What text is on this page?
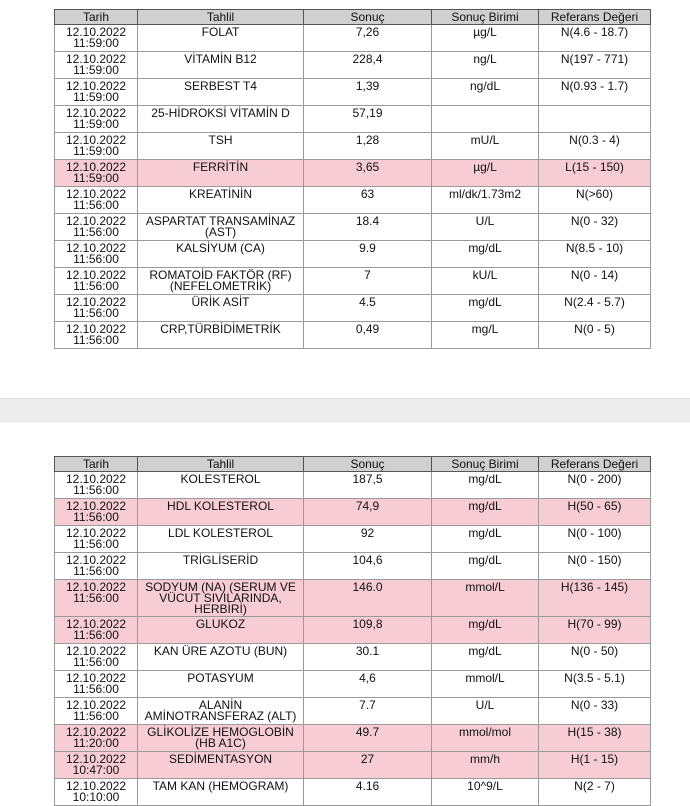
Tarih	Tahlil	Sonuç	Sonuç Birimi	Referans Değeri

12.10.2022
11:59:00	FOLAT	7,26	µg/L	N(4.6 - 18.7)

12.10.2022
11:59:00	VİTAMİN B12	228,4	ng/L	N(197 - 771)

12.10.2022
11:59:00	SERBEST T4	1,39	ng/dL	N(0.93 - 1.7)

12.10.2022
11:59:00	25-HİDROKSİ VİTAMİN D	57,19		

12.10.2022
11:59:00	TSH	1,28	mU/L	N(0.3 - 4)

12.10.2022
11:59:00	FERRİTİN	3,65	µg/L	L(15 - 150)

12.10.2022
11:56:00	KREATİNİN	63	ml/dk/1.73m2	N(>60)

12.10.2022
11:56:00	ASPARTAT TRANSAMİNAZ (AST)	18.4	U/L	N(0 - 32)

12.10.2022
11:56:00	KALSİYUM (CA)	9.9	mg/dL	N(8.5 - 10)

12.10.2022
11:56:00	ROMATOİD FAKTÖR (RF) (NEFELOMETRİK)	7	kU/L	N(0 - 14)

12.10.2022
11:56:00	ÜRİK ASİT	4.5	mg/dL	N(2.4 - 5.7)

12.10.2022
11:56:00	CRP,TÜRBİDİMETRİK	0,49	mg/L	N(0 - 5)
Tarih	Tahlil	Sonuç	Sonuç Birimi	Referans Değeri

12.10.2022
11:56:00	KOLESTEROL	187,5	mg/dL	N(0 - 200)

12.10.2022
11:56:00	HDL KOLESTEROL	74,9	mg/dL	H(50 - 65)

12.10.2022
11:56:00	LDL KOLESTEROL	92	mg/dL	N(0 - 100)

12.10.2022
11:56:00	TRİGLİSERİD	104,6	mg/dL	N(0 - 150)

12.10.2022
11:56:00	SODYUM (NA) (SERUM VE VÜCUT SIVILARINDA, HERBİRİ)	146.0	mmol/L	H(136 - 145)

12.10.2022
11:56:00	GLUKOZ	109,8	mg/dL	H(70 - 99)

12.10.2022
11:56:00	KAN ÜRE AZOTU (BUN)	30.1	mg/dL	N(0 - 50)

12.10.2022
11:56:00	POTASYUM	4,6	mmol/L	N(3.5 - 5.1)

12.10.2022
11:56:00	ALANİN AMİNOTRANSFERAZ (ALT)	7.7	U/L	N(0 - 33)

12.10.2022
11:20:00	GLİKOLİZE HEMOGLOBİN (HB A1C)	49.7	mmol/mol	H(15 - 38)

12.10.2022
10:47:00	SEDİMENTASYON	27	mm/h	H(1 - 15)

12.10.2022
10:10:00	TAM KAN (HEMOGRAM)	4.16	10^9/L	N(2 - 7)
